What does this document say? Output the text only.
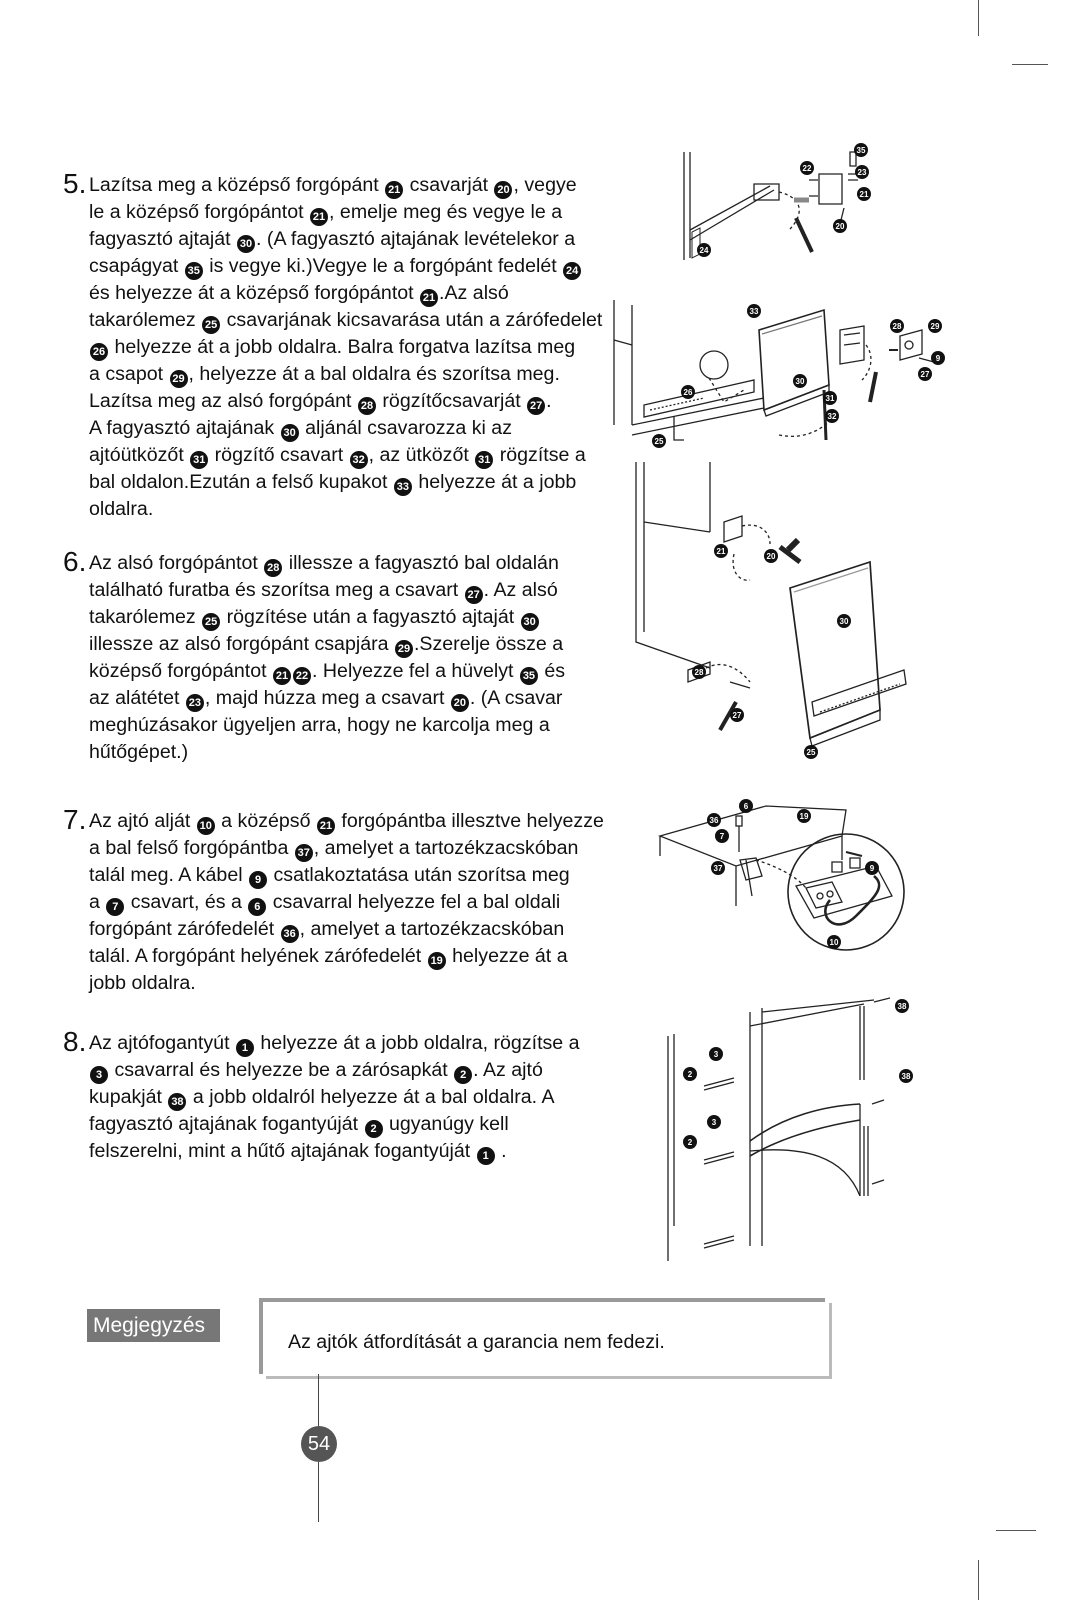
5. Lazítsa meg a középső forgópánt 21 csavarját 20 , vegye
le a középső forgópántot 21 , emelje meg és vegye le a
fagyasztó ajtaját 30 . (A fagyasztó ajtajának levételekor a
csapágyat 35 is vegye ki.)Vegye le a forgópánt fedelét 24
és helyezze át a középső forgópántot 21 .Az alsó
takarólemez 25 csavarjának kicsavarása után a zárófedelet
26 helyezze át a jobb oldalra. Balra forgatva lazítsa meg
a csapot 29 , helyezze át a bal oldalra és szorítsa meg.
Lazítsa meg az alsó forgópánt 28 rögzítőcsavarját 27 .
A fagyasztó ajtajának 30 aljánál csavarozza ki az
ajtóütközőt 31 rögzítő csavart 32 , az ütközőt 31 rögzítse a
bal oldalon.Ezután a felső kupakot 33 helyezze át a jobb
oldalra.
6. Az alsó forgópántot 28 illessze a fagyasztó bal oldalán
található furatba és szorítsa meg a csavart 27 . Az alsó
takarólemez 25 rögzítése után a fagyasztó ajtaját 30
illessze az alsó forgópánt csapjára 29 .Szerelje össze a
középső forgópántot 21 22 . Helyezze fel a hüvelyt 35 és
az alátétet 23 , majd húzza meg a csavart 20 . (A csavar
meghúzásakor ügyeljen arra, hogy ne karcolja meg a
hűtőgépet.)
7. Az ajtó alját 10 a középső 21 forgópántba illesztve helyezze
a bal felső forgópántba 37 , amelyet a tartozékzacskóban
talál meg. A kábel 9 csatlakoztatása után szorítsa meg
a 7 csavart, és a 6 csavarral helyezze fel a bal oldali
forgópánt zárófedelét 36 , amelyet a tartozékzacskóban
talál. A forgópánt helyének zárófedelét 19 helyezze át a
jobb oldalra.
8. Az ajtófogantyút 1 helyezze át a jobb oldalra, rögzítse a
3 csavarral és helyezze be a zárósapkát 2 . Az ajtó
kupakját 38 a jobb oldalról helyezze át a bal oldalra. A
fagyasztó ajtajának fogantyúját 2 ugyanúgy kell
felszerelni, mint a hűtő ajtajának fogantyúját 1 .
35
22	23
21
20
24
33
28	29
9
27
30
31
32
26
25
21
20
30
28
27
25
6
36
7
37
19
9
10
3
2
3
2
38
38
Megjegyzés
Az ajtók átfordítását a garancia nem fedezi.
54
